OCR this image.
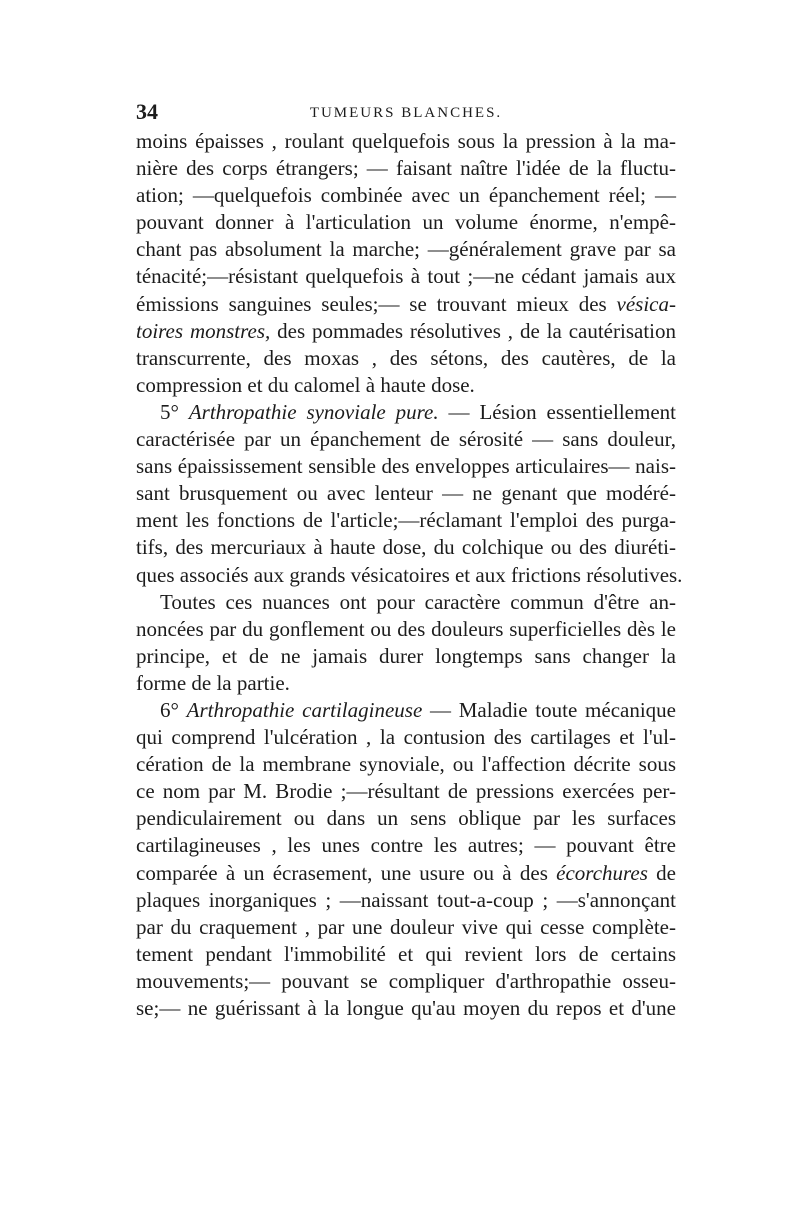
34	TUMEURS BLANCHES.
moins épaisses , roulant quelquefois sous la pression à la ma-
nière des corps étrangers; — faisant naître l'idée de la fluctu-
ation; —quelquefois combinée avec un épanchement réel; —
pouvant donner à l'articulation un volume énorme, n'empê-
chant pas absolument la marche; —généralement grave par sa
ténacité;—résistant quelquefois à tout ;—ne cédant jamais aux
émissions sanguines seules;— se trouvant mieux des vésica-
toires monstres, des pommades résolutives , de la cautérisation
transcurrente, des moxas , des sétons, des cautères, de la
compression et du calomel à haute dose.
5° Arthropathie synoviale pure. — Lésion essentiellement
caractérisée par un épanchement de sérosité — sans douleur,
sans épaississement sensible des enveloppes articulaires— nais-
sant brusquement ou avec lenteur — ne genant que modéré-
ment les fonctions de l'article;—réclamant l'emploi des purga-
tifs, des mercuriaux à haute dose, du colchique ou des diuréti-
ques associés aux grands vésicatoires et aux frictions résolutives.
Toutes ces nuances ont pour caractère commun d'être an-
noncées par du gonflement ou des douleurs superficielles dès le
principe, et de ne jamais durer longtemps sans changer la
forme de la partie.
6° Arthropathie cartilagineuse — Maladie toute mécanique
qui comprend l'ulcération , la contusion des cartilages et l'ul-
cération de la membrane synoviale, ou l'affection décrite sous
ce nom par M. Brodie ;—résultant de pressions exercées per-
pendiculairement ou dans un sens oblique par les surfaces
cartilagineuses , les unes contre les autres; — pouvant être
comparée à un écrasement, une usure ou à des écorchures de
plaques inorganiques ; —naissant tout-a-coup ; —s'annonçant
par du craquement , par une douleur vive qui cesse complète-
tement pendant l'immobilité et qui revient lors de certains
mouvements;— pouvant se compliquer d'arthropathie osseu-
se;— ne guérissant à la longue qu'au moyen du repos et d'une
